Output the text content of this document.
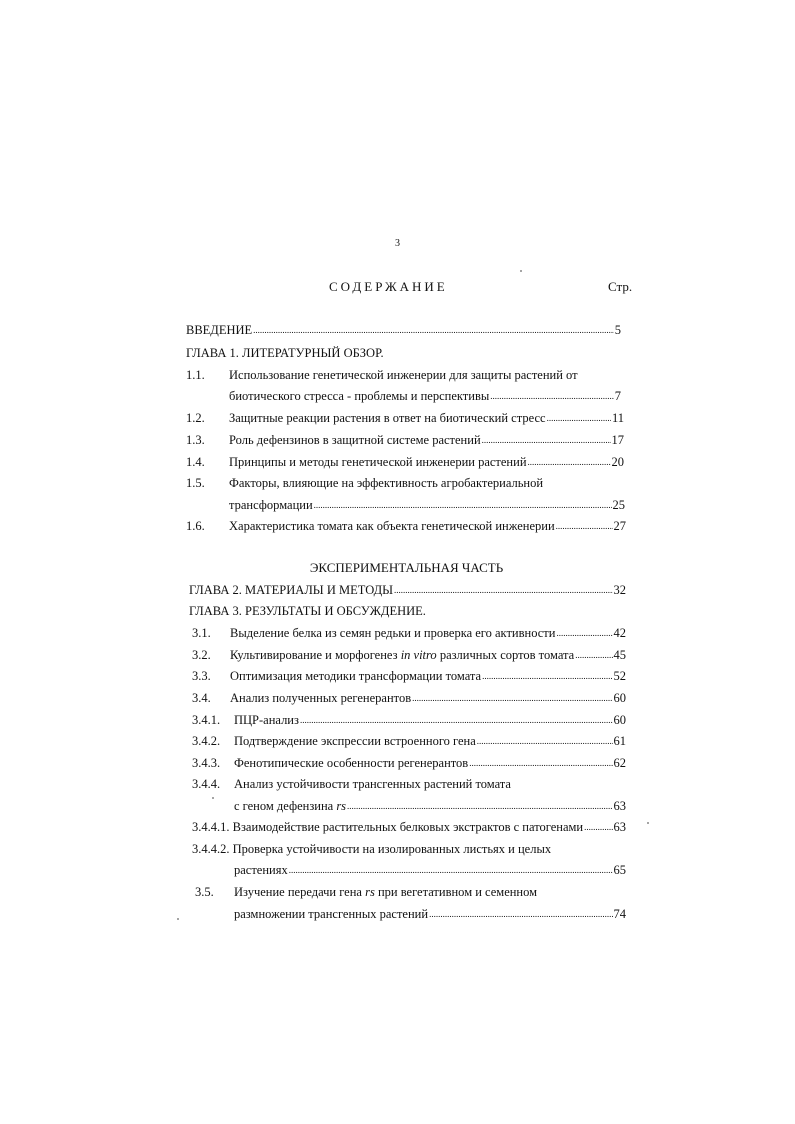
3
СОДЕРЖАНИЕ	Стр.
ВВЕДЕНИЕ .....	5
ГЛАВА 1. ЛИТЕРАТУРНЫЙ ОБЗОР.
1.1.	Использование генетической инженерии для защиты растений от
биотического стресса - проблемы и перспективы .....	7
1.2.	Защитные реакции растения в ответ на биотический стресс .....	11
1.3.	Роль дефензинов в защитной системе растений .....	17
1.4.	Принципы и методы генетической инженерии растений .....	20
1.5.	Факторы, влияющие на эффективность агробактериальной
трансформации .....	25
1.6.	Характеристика томата как объекта генетической инженерии .....	27
ЭКСПЕРИМЕНТАЛЬНАЯ ЧАСТЬ
ГЛАВА 2. МАТЕРИАЛЫ И МЕТОДЫ .....	32
ГЛАВА 3. РЕЗУЛЬТАТЫ И ОБСУЖДЕНИЕ.
3.1.	Выделение белка из семян редьки и проверка его активности .....	42
3.2.	Культивирование и морфогенез in vitro различных сортов томата .....	45
3.3.	Оптимизация методики трансформации томата .....	52
3.4.	Анализ полученных регенерантов .....	60
3.4.1.	ПЦР-анализ .....	60
3.4.2.	Подтверждение экспрессии встроенного гена .....	61
3.4.3.	Фенотипические особенности регенерантов .....	62
3.4.4.	Анализ устойчивости трансгенных растений томата
с геном дефензина rs .....	63
3.4.4.1. Взаимодействие растительных белковых экстрактов с патогенами ..... 63
3.4.4.2. Проверка устойчивости на изолированных листьях и целых
растениях .....	65
3.5.	Изучение передачи гена rs при вегетативном и семенном
размножении трансгенных растений .....	74
